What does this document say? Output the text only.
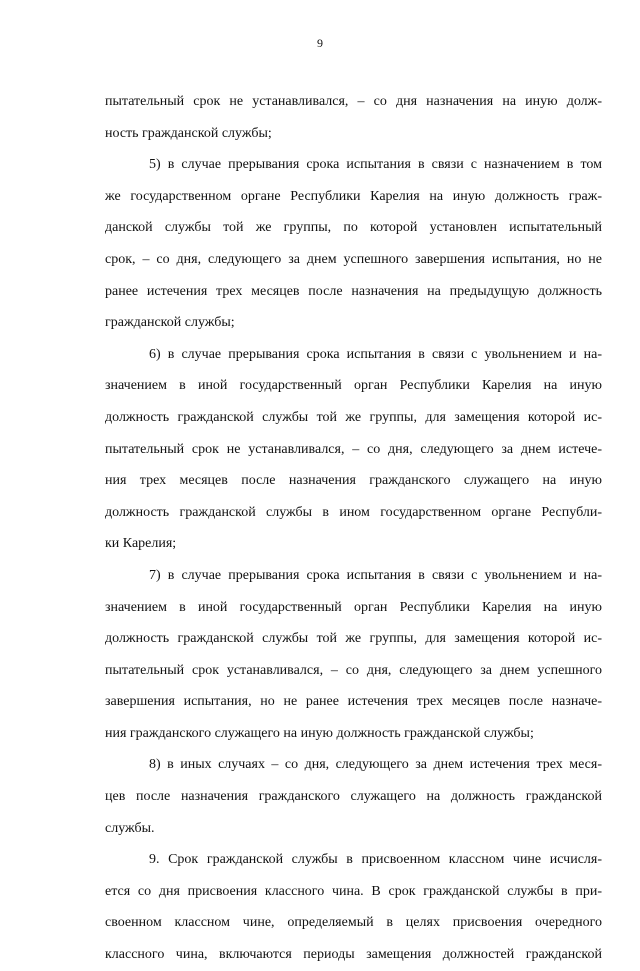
9
пытательный срок не устанавливался, – со дня назначения на иную долж-
ность гражданской службы;
5) в случае прерывания срока испытания в связи с назначением в том
же государственном органе Республики Карелия на иную должность граж-
данской службы той же группы, по которой установлен испытательный
срок, – со дня, следующего за днем успешного завершения испытания, но не
ранее истечения трех месяцев после назначения на предыдущую должность
гражданской службы;
6) в случае прерывания срока испытания в связи с увольнением и на-
значением в иной государственный орган Республики Карелия на иную
должность гражданской службы той же группы, для замещения которой ис-
пытательный срок не устанавливался, – со дня, следующего за днем истече-
ния трех месяцев после назначения гражданского служащего на иную
должность гражданской службы в ином государственном органе Республи-
ки Карелия;
7) в случае прерывания срока испытания в связи с увольнением и на-
значением в иной государственный орган Республики Карелия на иную
должность гражданской службы той же группы, для замещения которой ис-
пытательный срок устанавливался, – со дня, следующего за днем успешного
завершения испытания, но не ранее истечения трех месяцев после назначе-
ния гражданского служащего на иную должность гражданской службы;
8) в иных случаях – со дня, следующего за днем истечения трех меся-
цев после назначения гражданского служащего на должность гражданской
службы.
9. Срок гражданской службы в присвоенном классном чине исчисля-
ется со дня присвоения классного чина. В срок гражданской службы в при-
своенном классном чине, определяемый в целях присвоения очередного
классного чина, включаются периоды замещения должностей гражданской
